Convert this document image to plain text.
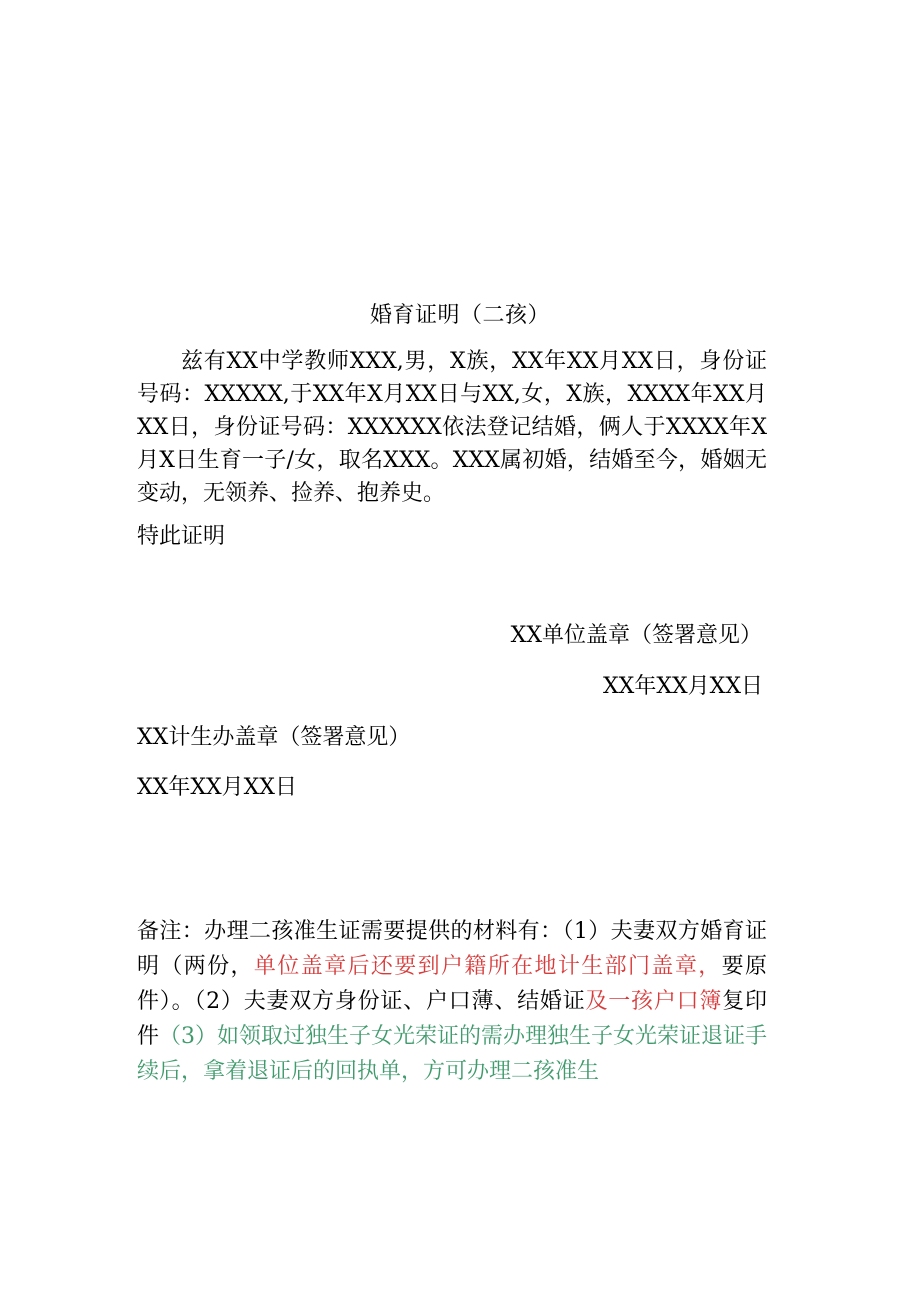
婚育证明（二孩）

兹有XX中学教师XXX,男，X族，XX年XX月XX日，身份证号码：XXXXX,于XX年X月XX日与XX,女，X族，XXXX年XX月XX日，身份证号码：XXXXXX依法登记结婚，俩人于XXXX年X月X日生育一子/女，取名XXX。XXX属初婚，结婚至今，婚姻无变动，无领养、捡养、抱养史。

特此证明

XX单位盖章（签署意见）

XX年XX月XX日

XX计生办盖章（签署意见）

XX年XX月XX日

备注：办理二孩准生证需要提供的材料有：（1）夫妻双方婚育证明（两份，单位盖章后还要到户籍所在地计生部门盖章，要原件）。（2）夫妻双方身份证、户口薄、结婚证及一孩户口簿复印件（3）如领取过独生子女光荣证的需办理独生子女光荣证退证手续后，拿着退证后的回执单，方可办理二孩准生
